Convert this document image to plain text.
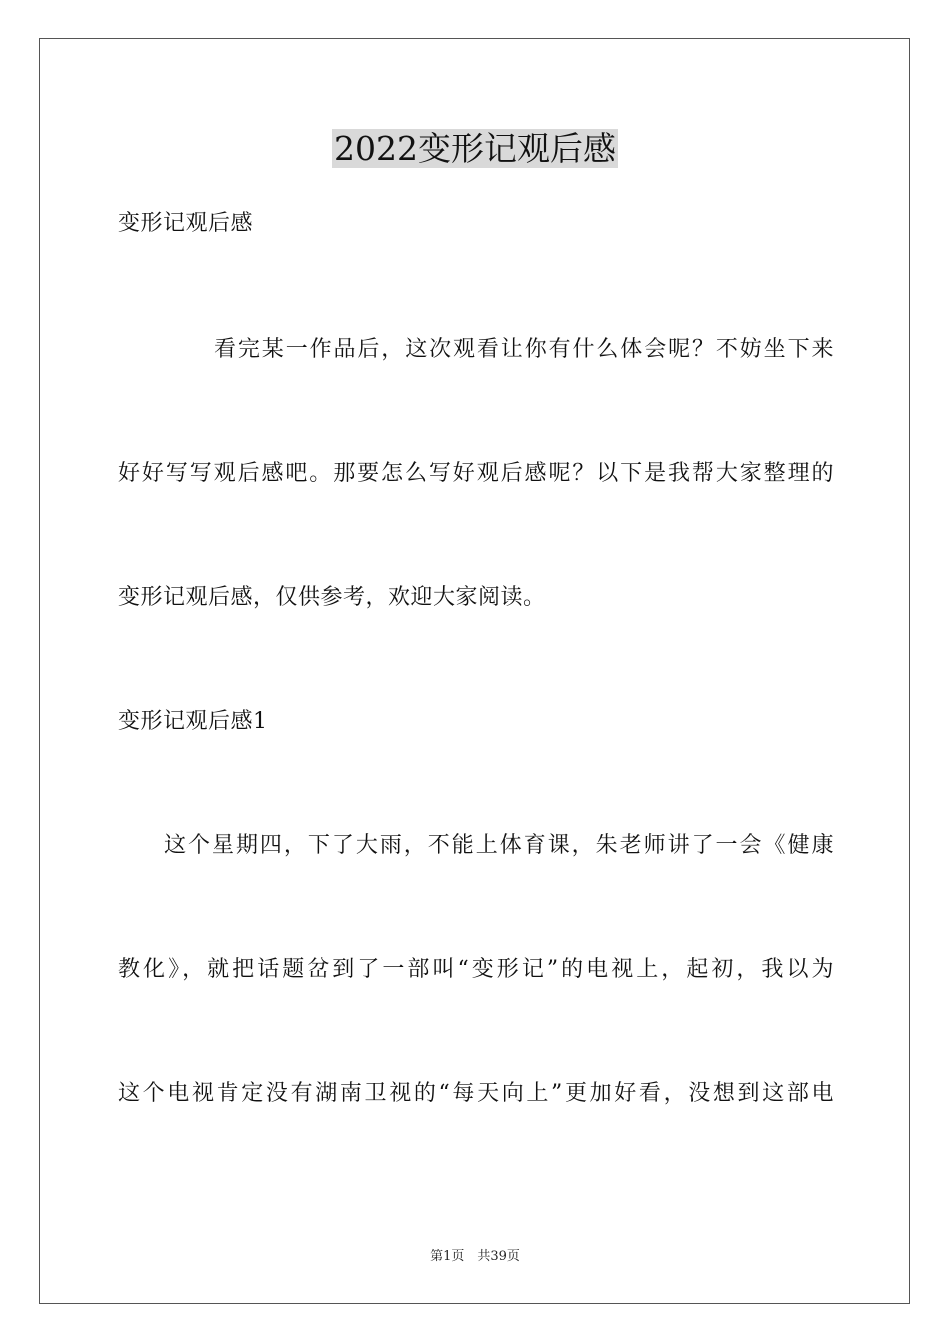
2022变形记观后感
变形记观后感
看完某一作品后，这次观看让你有什么体会呢？不妨坐下来
好好写写观后感吧。那要怎么写好观后感呢？以下是我帮大家整理的
变形记观后感，仅供参考，欢迎大家阅读。
变形记观后感1
这个星期四，下了大雨，不能上体育课，朱老师讲了一会《健康
教化》，就把话题岔到了一部叫“变形记”的电视上，起初，我以为
这个电视肯定没有湖南卫视的“每天向上”更加好看，没想到这部电
第1页　共39页
